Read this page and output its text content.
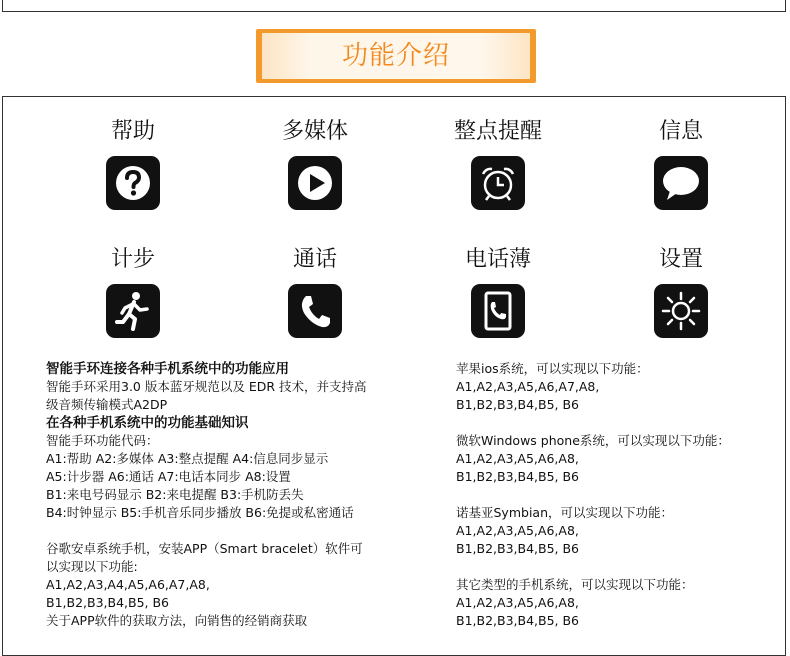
功能介绍
帮助	多媒体	整点提醒	信息
计步	通话	电话薄	设置
智能手环连接各种手机系统中的功能应用
智能手环采用3.0 版本蓝牙规范以及 EDR 技术，并支持高
级音频传输模式A2DP
在各种手机系统中的功能基础知识
智能手环功能代码：
A1:帮助 A2:多媒体 A3:整点提醒 A4:信息同步显示
A5:计步器 A6:通话 A7:电话本同步 A8:设置
B1:来电号码显示 B2:来电提醒 B3:手机防丢失
B4:时钟显示 B5:手机音乐同步播放 B6:免提或私密通话
谷歌安卓系统手机，安装APP（Smart bracelet）软件可
以实现以下功能:
A1,A2,A3,A4,A5,A6,A7,A8,
B1,B2,B3,B4,B5, B6
关于APP软件的获取方法，向销售的经销商获取
苹果ios系统，可以实现以下功能：
A1,A2,A3,A5,A6,A7,A8,
B1,B2,B3,B4,B5, B6
微软Windows phone系统，可以实现以下功能：
A1,A2,A3,A5,A6,A8,
B1,B2,B3,B4,B5, B6
诺基亚Symbian，可以实现以下功能：
A1,A2,A3,A5,A6,A8,
B1,B2,B3,B4,B5, B6
其它类型的手机系统，可以实现以下功能：
A1,A2,A3,A5,A6,A8,
B1,B2,B3,B4,B5, B6
